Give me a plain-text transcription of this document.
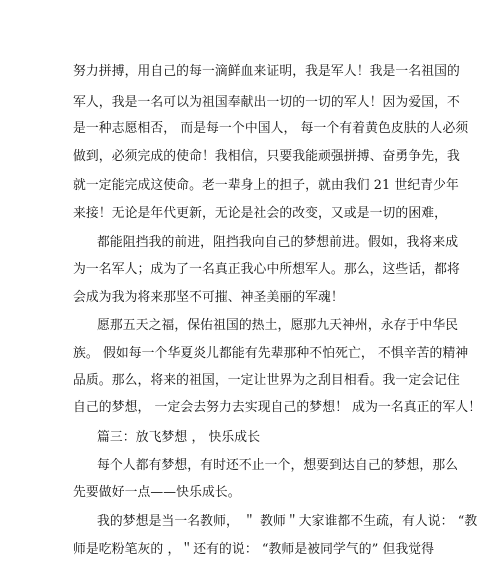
努力拼搏，用自己的每一滴鲜血来证明，我是军人！我是一名祖国的
军人，我是一名可以为祖国奉献出一切的一切的军人！因为爱国，不
是一种志愿相否， 而是每一个中国人， 每一个有着黄色皮肤的人必须
做到，必须完成的使命！我相信，只要我能顽强拼搏、奋勇争先，我
就一定能完成这使命。老一辈身上的担子，就由我们 21 世纪青少年
来接！无论是年代更新，无论是社会的改变，又或是一切的困难，
都能阻挡我的前进，阻挡我向自己的梦想前进。假如，我将来成
为一名军人；成为了一名真正我心中所想军人。那么，这些话，都将
会成为我为将来那坚不可摧、神圣美丽的军魂！
愿那五天之福，保佑祖国的热土，愿那九天神州，永存于中华民
族。 假如每一个华夏炎儿都能有先辈那种不怕死亡， 不惧辛苦的精神
品质。那么，将来的祖国，一定让世界为之刮目相看。我一定会记住
自己的梦想， 一定会去努力去实现自己的梦想！ 成为一名真正的军人！
篇三：放飞梦想 ， 快乐成长
每个人都有梦想，有时还不止一个，想要到达自己的梦想，那么
先要做好一点——快乐成长。
我的梦想是当一名教师， ＂ 教师＂大家谁都不生疏，有人说： “教
师是吃粉笔灰的 ，＂还有的说： “教师是被同学气的” 但我觉得
